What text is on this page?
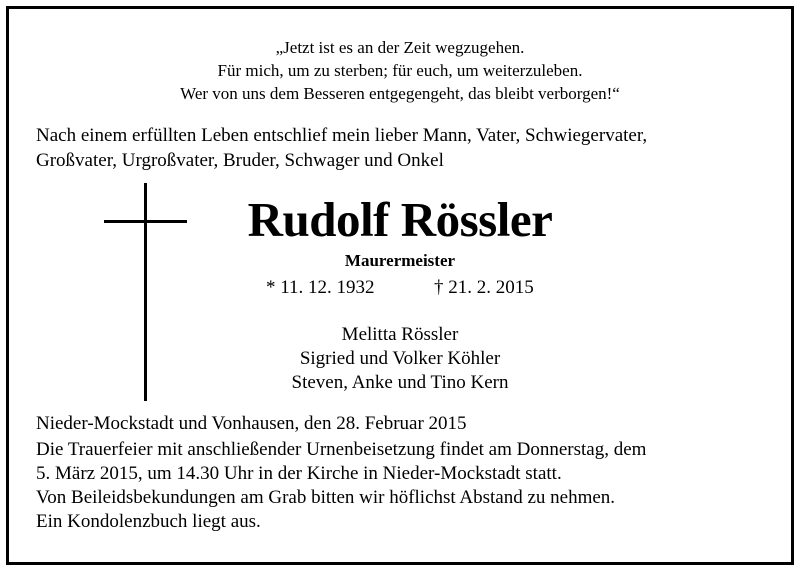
„Jetzt ist es an der Zeit wegzugehen.
Für mich, um zu sterben; für euch, um weiterzuleben.
Wer von uns dem Besseren entgegengeht, das bleibt verborgen!“
Nach einem erfüllten Leben entschlief mein lieber Mann, Vater, Schwiegervater,
Großvater, Urgroßvater, Bruder, Schwager und Onkel
Rudolf Rössler
Maurermeister
* 11. 12. 1932	† 21. 2. 2015
Melitta Rössler
Sigried und Volker Köhler
Steven, Anke und Tino Kern
Nieder-Mockstadt und Vonhausen, den 28. Februar 2015
Die Trauerfeier mit anschließender Urnenbeisetzung findet am Donnerstag, dem
5. März 2015, um 14.30 Uhr in der Kirche in Nieder-Mockstadt statt.
Von Beileidsbekundungen am Grab bitten wir höflichst Abstand zu nehmen.
Ein Kondolenzbuch liegt aus.
